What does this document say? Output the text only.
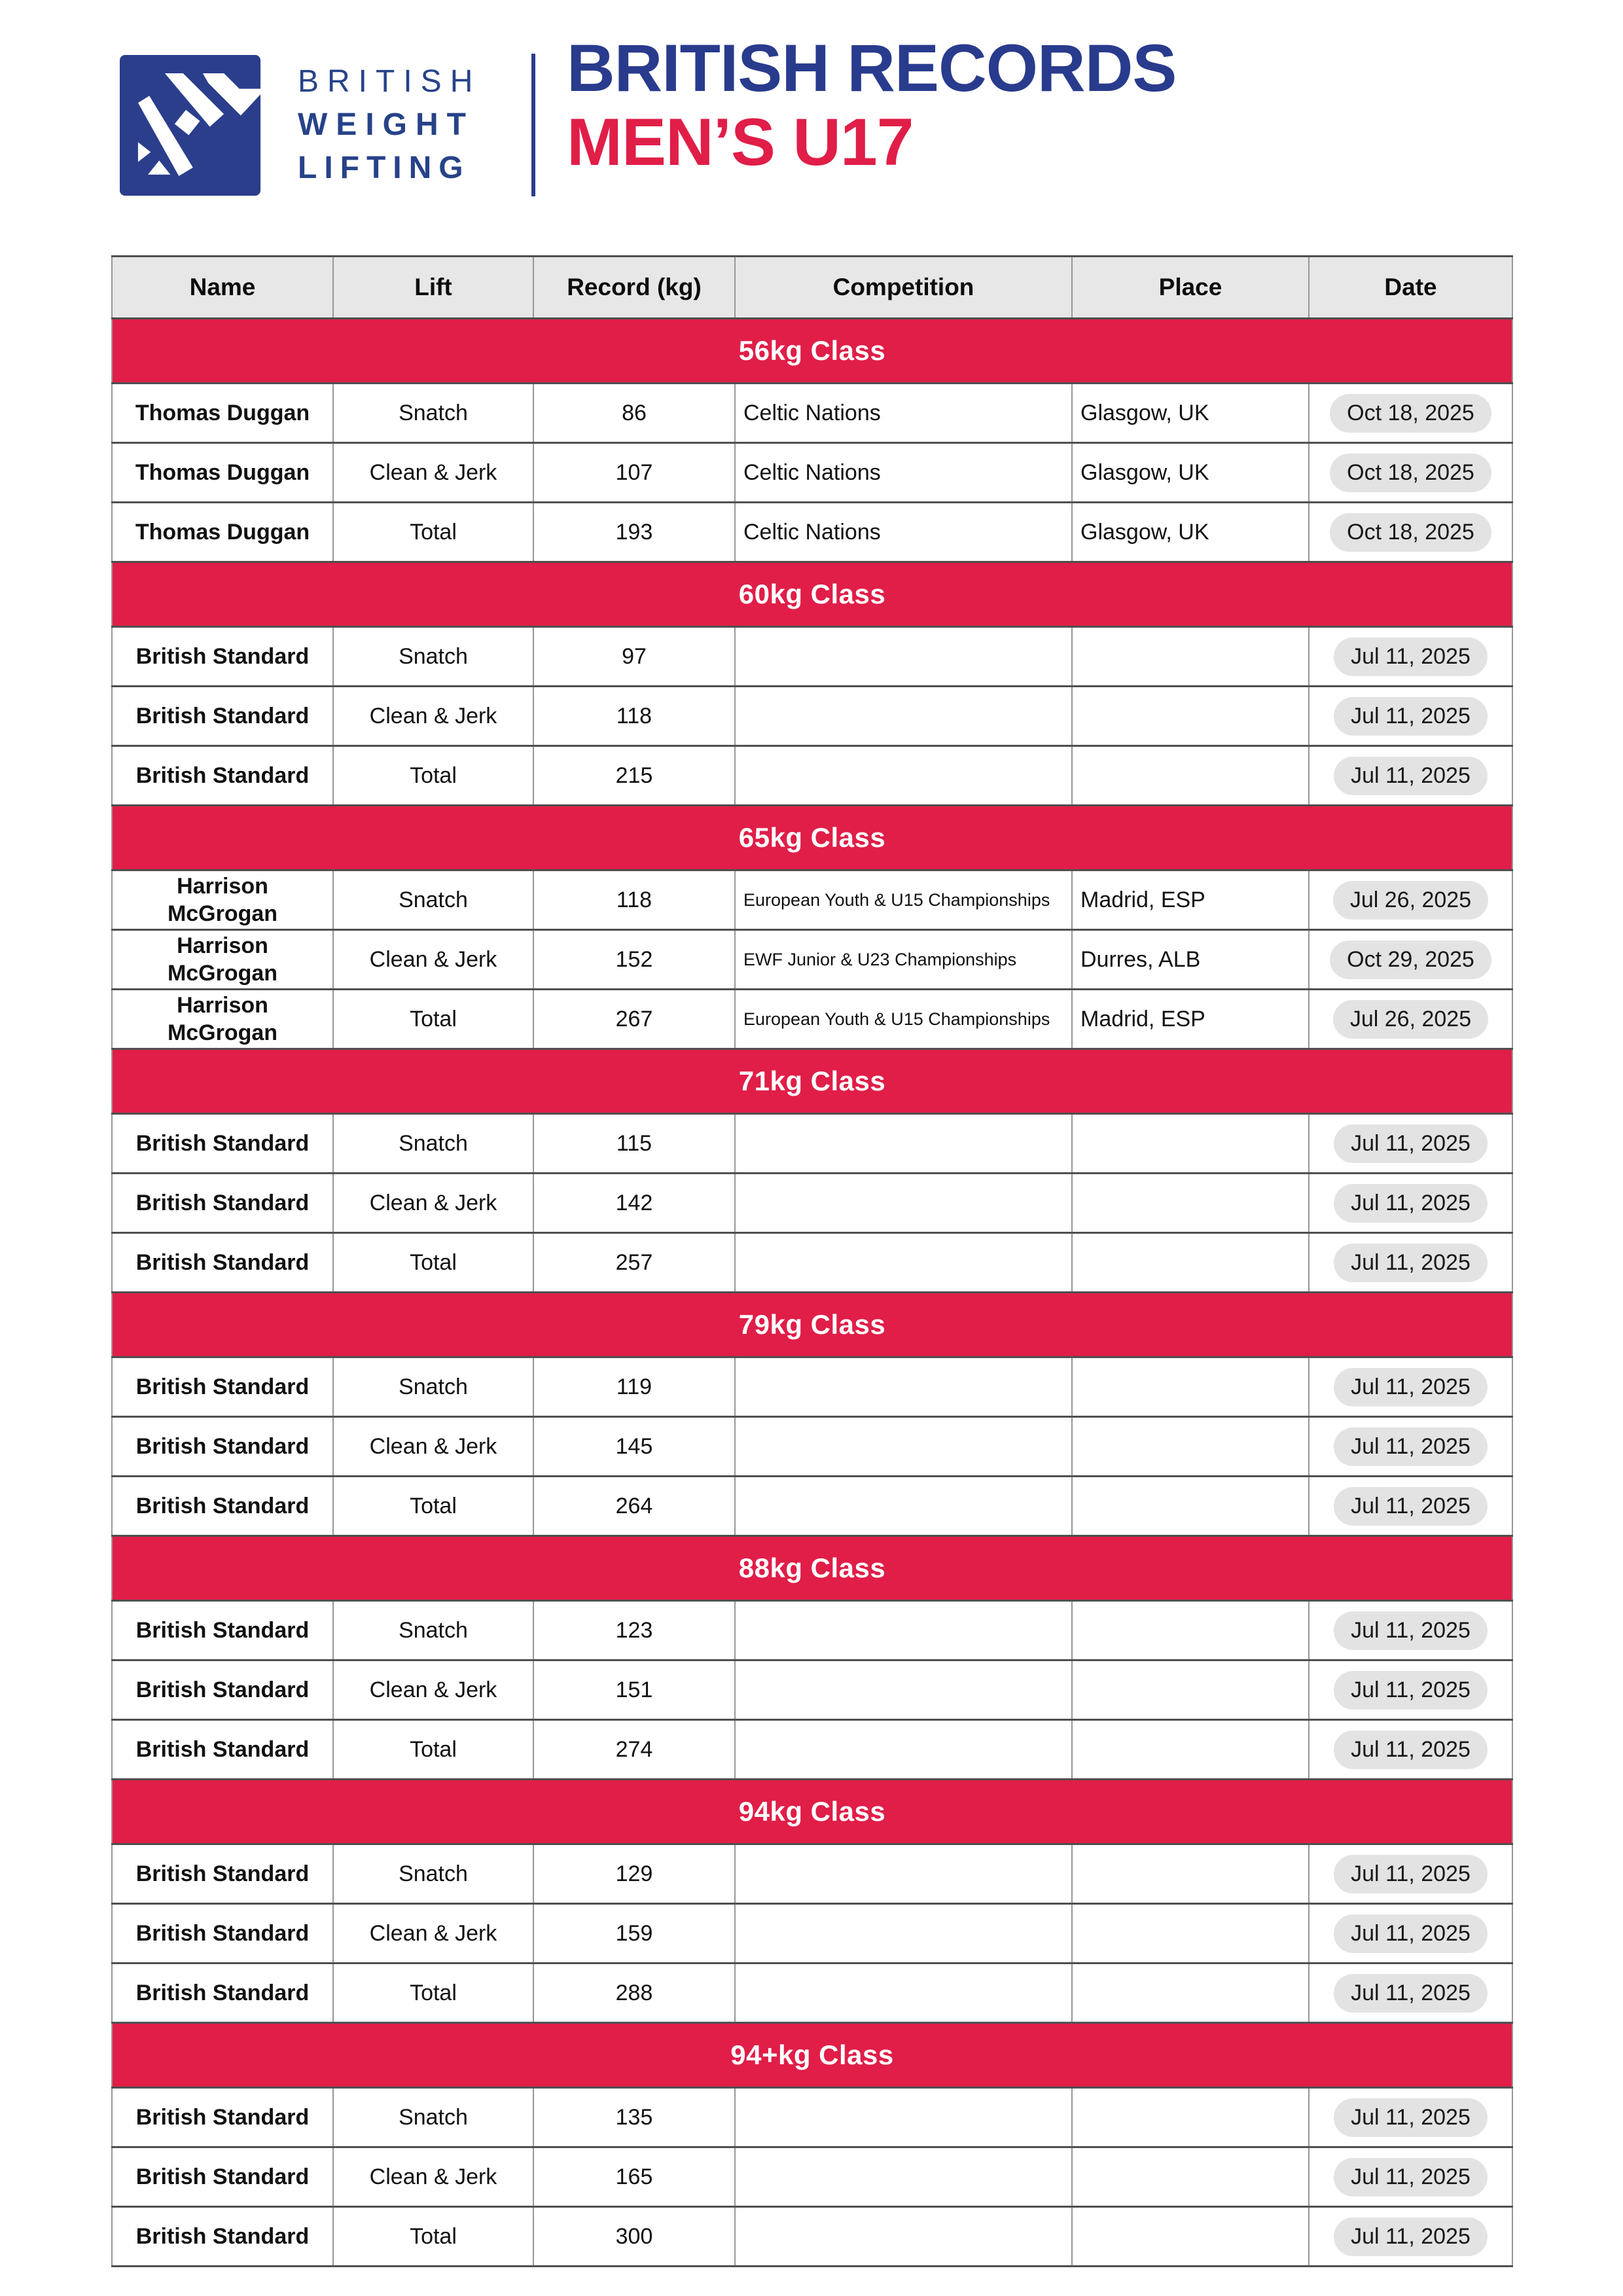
BRITISH
WEIGHT
LIFTING
BRITISH RECORDS
MEN’S U17
Name	Lift	Record (kg)	Competition	Place	Date
56kg Class					
Thomas Duggan	Snatch	86	Celtic Nations	Glasgow, UK	Oct 18, 2025
Thomas Duggan	Clean & Jerk	107	Celtic Nations	Glasgow, UK	Oct 18, 2025
Thomas Duggan	Total	193	Celtic Nations	Glasgow, UK	Oct 18, 2025
60kg Class					
British Standard	Snatch	97			Jul 11, 2025
British Standard	Clean & Jerk	118			Jul 11, 2025
British Standard	Total	215			Jul 11, 2025
65kg Class					
Harrison McGrogan	Snatch	118	European Youth & U15 Championships	Madrid, ESP	Jul 26, 2025
Harrison McGrogan	Clean & Jerk	152	EWF Junior & U23 Championships	Durres, ALB	Oct 29, 2025
Harrison McGrogan	Total	267	European Youth & U15 Championships	Madrid, ESP	Jul 26, 2025
71kg Class					
British Standard	Snatch	115			Jul 11, 2025
British Standard	Clean & Jerk	142			Jul 11, 2025
British Standard	Total	257			Jul 11, 2025
79kg Class					
British Standard	Snatch	119			Jul 11, 2025
British Standard	Clean & Jerk	145			Jul 11, 2025
British Standard	Total	264			Jul 11, 2025
88kg Class					
British Standard	Snatch	123			Jul 11, 2025
British Standard	Clean & Jerk	151			Jul 11, 2025
British Standard	Total	274			Jul 11, 2025
94kg Class					
British Standard	Snatch	129			Jul 11, 2025
British Standard	Clean & Jerk	159			Jul 11, 2025
British Standard	Total	288			Jul 11, 2025
94+kg Class					
British Standard	Snatch	135			Jul 11, 2025
British Standard	Clean & Jerk	165			Jul 11, 2025
British Standard	Total	300			Jul 11, 2025
